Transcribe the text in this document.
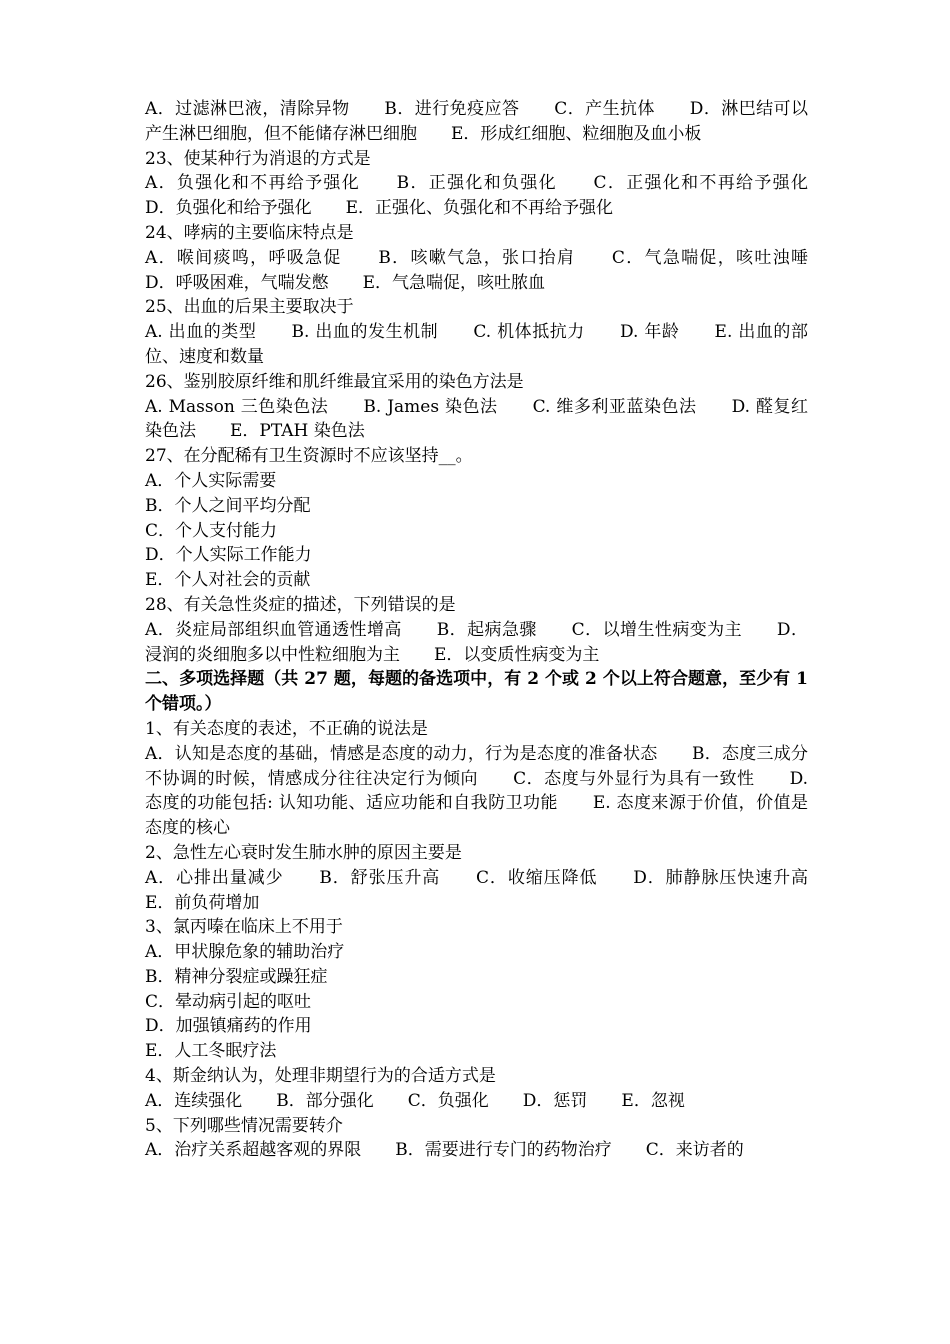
A．过滤淋巴液，清除异物　　B．进行免疫应答　　C．产生抗体　　D．淋巴结可以产生淋巴细胞，但不能储存淋巴细胞　　E．形成红细胞、粒细胞及血小板
23、使某种行为消退的方式是
A．负强化和不再给予强化　　B．正强化和负强化　　C．正强化和不再给予强化　　D．负强化和给予强化　　E．正强化、负强化和不再给予强化
24、哮病的主要临床特点是
A．喉间痰鸣，呼吸急促　　B．咳嗽气急，张口抬肩　　C．气急喘促，咳吐浊唾　　D．呼吸困难，气喘发憋　　E．气急喘促，咳吐脓血
25、出血的后果主要取决于
A. 出血的类型　　B. 出血的发生机制　　C. 机体抵抗力　　D. 年龄　　E. 出血的部位、速度和数量
26、鉴别胶原纤维和肌纤维最宜采用的染色方法是
A. Masson 三色染色法　　B. James 染色法　　C. 维多利亚蓝染色法　　D. 醛复红染色法　　E．PTAH 染色法
27、在分配稀有卫生资源时不应该坚持__。
A．个人实际需要
B．个人之间平均分配
C．个人支付能力
D．个人实际工作能力
E．个人对社会的贡献
28、有关急性炎症的描述，下列错误的是
A．炎症局部组织血管通透性增高　　B．起病急骤　　C．以增生性病变为主　　D．浸润的炎细胞多以中性粒细胞为主　　E．以变质性病变为主
二、多项选择题（共 27 题，每题的备选项中，有 2 个或 2 个以上符合题意，至少有 1 个错项。）
1、有关态度的表述，不正确的说法是
A．认知是态度的基础，情感是态度的动力，行为是态度的准备状态　　B．态度三成分不协调的时候，情感成分往往决定行为倾向　　C．态度与外显行为具有一致性　　D. 态度的功能包括: 认知功能、适应功能和自我防卫功能　　E. 态度来源于价值，价值是态度的核心
2、急性左心衰时发生肺水肿的原因主要是
A．心排出量减少　　B．舒张压升高　　C．收缩压降低　　D．肺静脉压快速升高　　E．前负荷增加
3、氯丙嗪在临床上不用于
A．甲状腺危象的辅助治疗
B．精神分裂症或躁狂症
C．晕动病引起的呕吐
D．加强镇痛药的作用
E．人工冬眠疗法
4、斯金纳认为，处理非期望行为的合适方式是
A．连续强化　　B．部分强化　　C．负强化　　D．惩罚　　E．忽视
5、下列哪些情况需要转介
A．治疗关系超越客观的界限　　B．需要进行专门的药物治疗　　C．来访者的
